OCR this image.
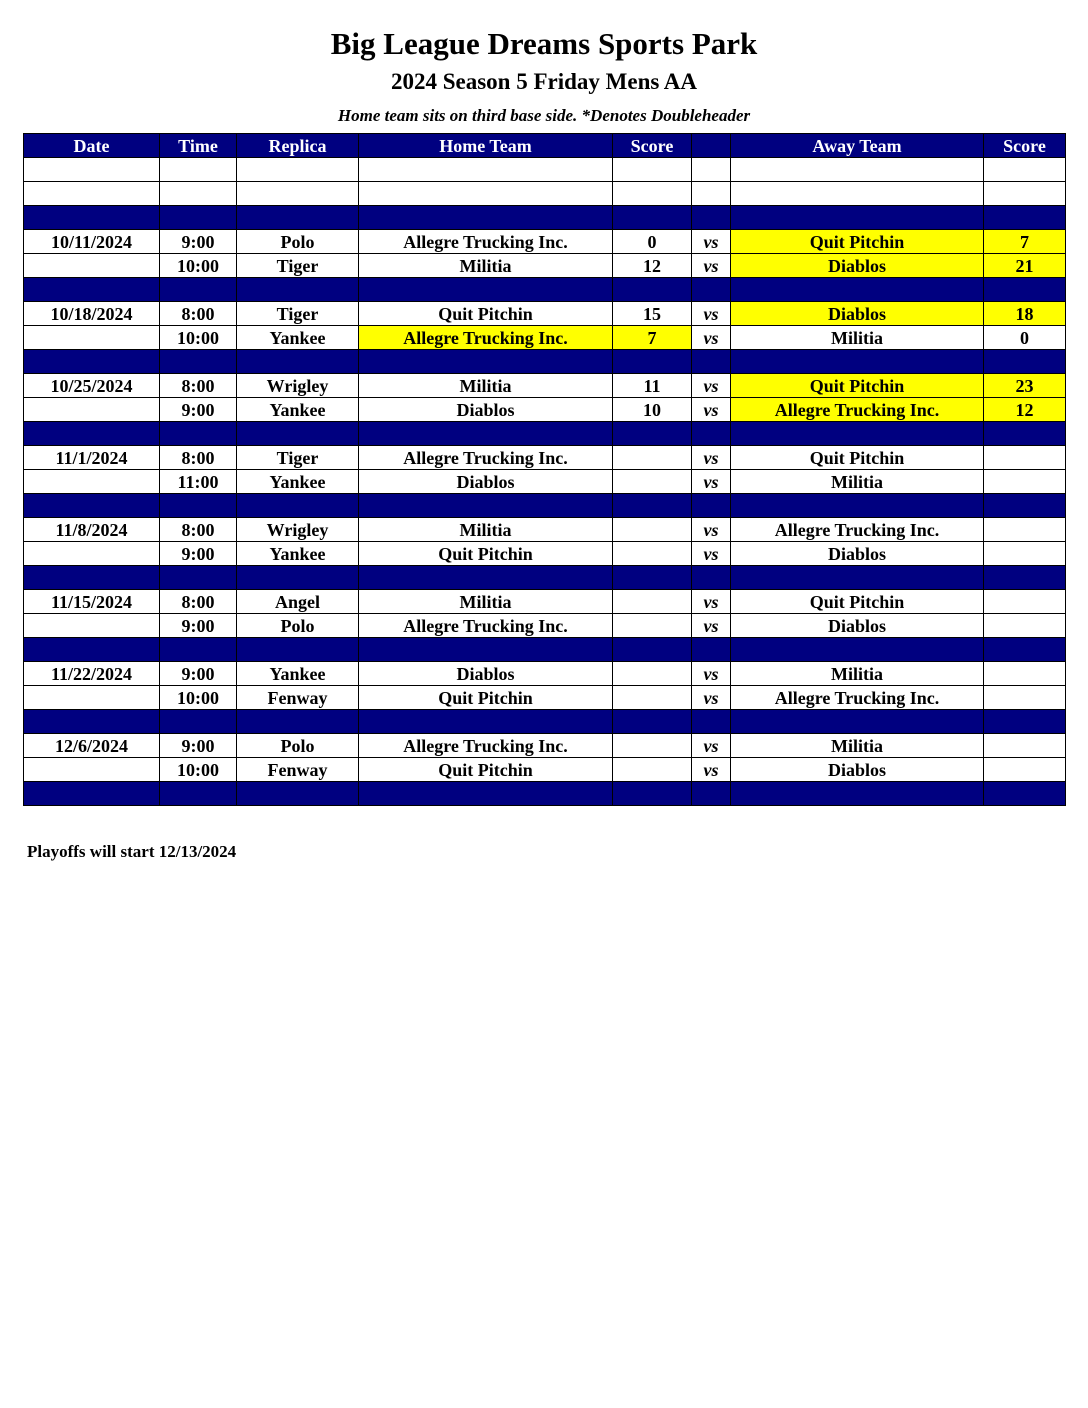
Big League Dreams Sports Park
2024 Season 5 Friday Mens AA
Home team sits on third base side. *Denotes Doubleheader
Date	Time	Replica	Home Team	Score		Away Team	Score

10/11/2024	9:00	Polo	Allegre Trucking Inc.	0	vs	Quit Pitchin	7
	10:00	Tiger	Militia	12	vs	Diablos	21

10/18/2024	8:00	Tiger	Quit Pitchin	15	vs	Diablos	18
	10:00	Yankee	Allegre Trucking Inc.	7	vs	Militia	0

10/25/2024	8:00	Wrigley	Militia	11	vs	Quit Pitchin	23
	9:00	Yankee	Diablos	10	vs	Allegre Trucking Inc.	12

11/1/2024	8:00	Tiger	Allegre Trucking Inc.		vs	Quit Pitchin	
	11:00	Yankee	Diablos		vs	Militia	

11/8/2024	8:00	Wrigley	Militia		vs	Allegre Trucking Inc.	
	9:00	Yankee	Quit Pitchin		vs	Diablos	

11/15/2024	8:00	Angel	Militia		vs	Quit Pitchin	
	9:00	Polo	Allegre Trucking Inc.		vs	Diablos	

11/22/2024	9:00	Yankee	Diablos		vs	Militia	
	10:00	Fenway	Quit Pitchin		vs	Allegre Trucking Inc.	

12/6/2024	9:00	Polo	Allegre Trucking Inc.		vs	Militia	
	10:00	Fenway	Quit Pitchin		vs	Diablos	

Playoffs will start 12/13/2024
